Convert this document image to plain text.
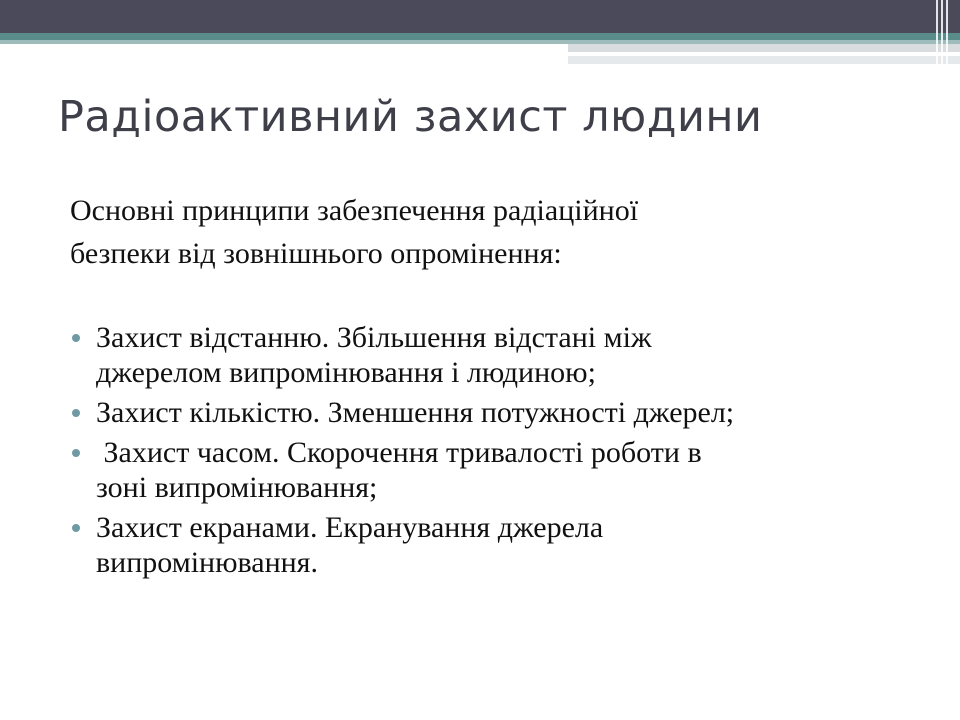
Радіоактивний захист людини
Основні принципи забезпечення радіаційної
безпеки від зовнішнього опромінення:
Захист відстанню. Збільшення відстані між
джерелом випромінювання і людиною;
Захист кількістю. Зменшення потужності джерел;
Захист часом. Скорочення тривалості роботи в
зоні випромінювання;
Захист екранами. Екранування джерела
випромінювання.
